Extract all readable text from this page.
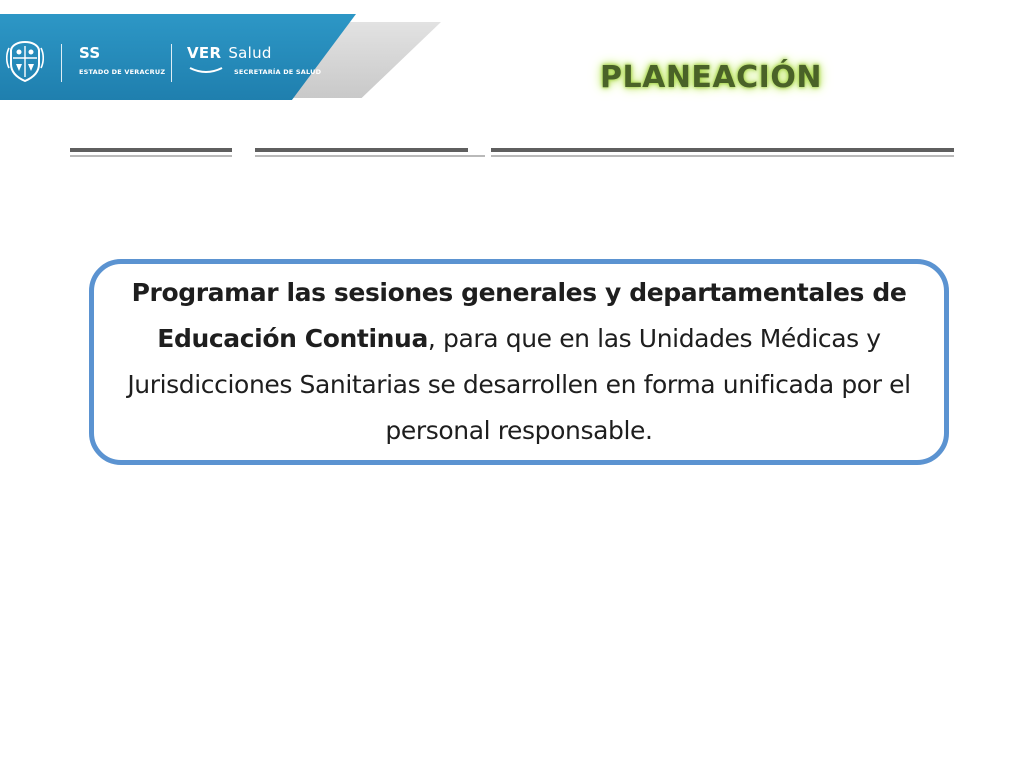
SS
ESTADO DE VERACRUZ
VER Salud
SECRETARÍA DE SALUD	PLANEACIÓN
Programar las sesiones generales y departamentales de Educación Continua, para que en las Unidades Médicas y Jurisdicciones Sanitarias se desarrollen en forma unificada por el personal responsable.
